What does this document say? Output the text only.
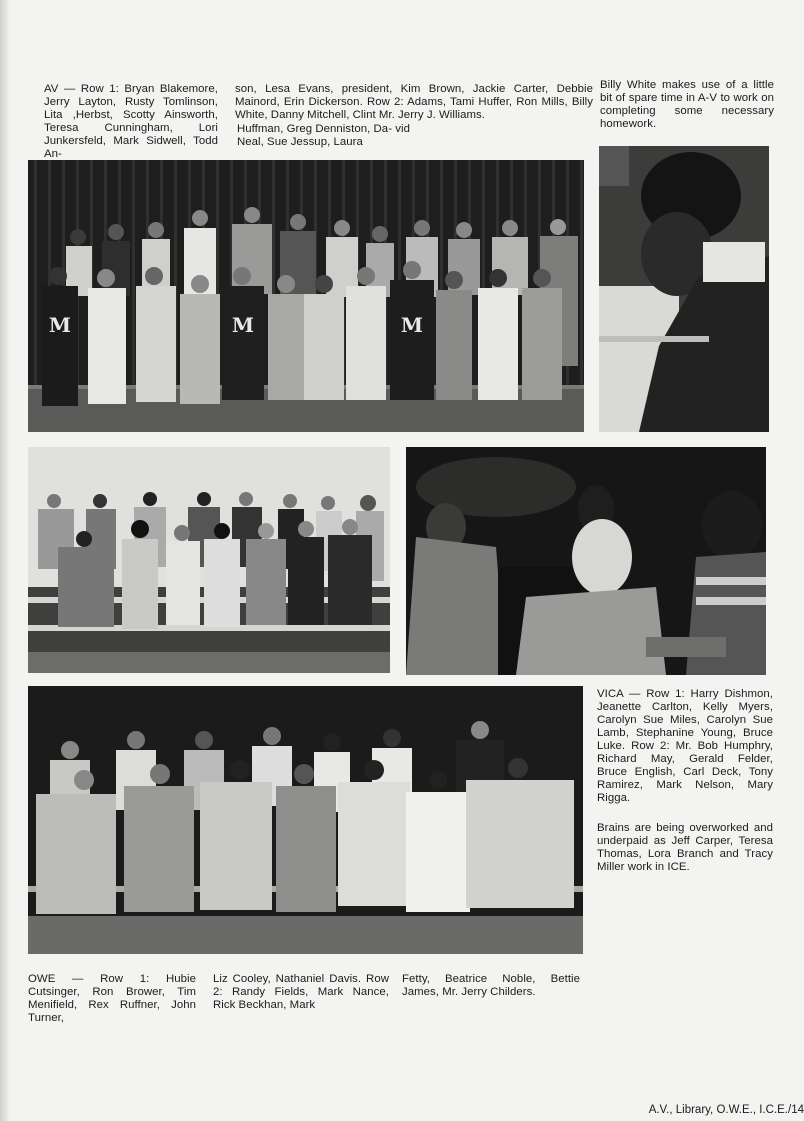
AV — Row 1: Bryan Blakemore, Jerry Layton, Rusty Tomlinson, Lita ,Herbst, Scotty Ainsworth, Teresa Cunningham, Lori Junkersfeld, Mark Sidwell, Todd An-

son, Lesa Evans, president, Kim Brown, Jackie Carter, Debbie Mainord, Erin Dickerson. Row 2: Adams, Tami Huffer, Ron Mills, Billy White, Danny Mitchell, Clint Mr. Jerry J. Williams.

Huffman, Greg Denniston, Da- vid Neal, Sue Jessup, Laura

Billy White makes use of a little bit of spare time in A-V to work on completing some necessary homework.

M	M	M

VICA — Row 1: Harry Dishmon, Jeanette Carlton, Kelly Myers, Carolyn Sue Miles, Carolyn Sue Lamb, Stephanine Young, Bruce Luke. Row 2: Mr. Bob Humphry, Richard May, Gerald Felder, Bruce English, Carl Deck, Tony Ramirez, Mark Nelson, Mary Rigga.

Brains are being overworked and underpaid as Jeff Carper, Teresa Thomas, Lora Branch and Tracy Miller work in ICE.

OWE — Row 1: Hubie Cutsinger, Ron Brower, Tim Menifield, Rex Ruffner, John Turner,

Liz Cooley, Nathaniel Davis. Row 2: Randy Fields, Mark Nance, Rick Beckhan, Mark

Fetty, Beatrice Noble, Bettie James, Mr. Jerry Childers.

A.V., Library, O.W.E., I.C.E./14
